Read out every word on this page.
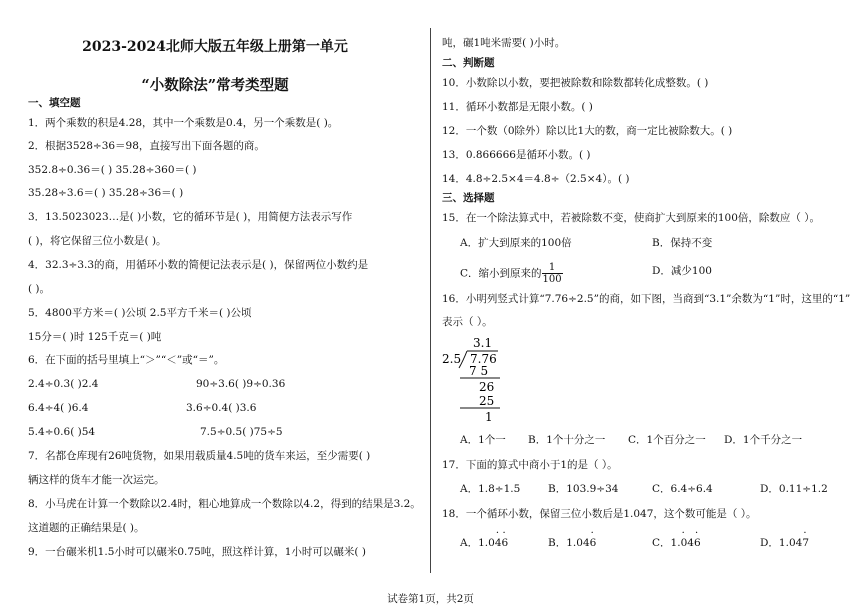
2023-2024北师大版五年级上册第一单元
“小数除法”常考类型题
一、填空题
1．两个乘数的积是4.28，其中一个乘数是0.4，另一个乘数是( )。
2．根据3528÷36＝98，直接写出下面各题的商。
352.8÷0.36＝( ) 35.28÷360＝( )
35.28÷3.6＝( ) 35.28÷36＝( )
3．13.5023023…是( )小数，它的循环节是( )，用简便方法表示写作
( )，将它保留三位小数是( )。
4．32.3÷3.3的商，用循环小数的简便记法表示是( )，保留两位小数约是
( )。
5．4800平方米＝( )公顷 2.5平方千米＝( )公顷
15分＝( )时 125千克＝( )吨
6．在下面的括号里填上“＞”“＜”或“＝”。
2.4÷0.3( )2.4	90÷3.6( )9÷0.36
6.4÷4( )6.4	3.6÷0.4( )3.6
5.4÷0.6( )54	7.5÷0.5( )75÷5
7．名都仓库现有26吨货物，如果用载质量4.5吨的货车来运，至少需要( )
辆这样的货车才能一次运完。
8．小马虎在计算一个数除以2.4时，粗心地算成一个数除以4.2，得到的结果是3.2。
这道题的正确结果是( )。
9．一台碾米机1.5小时可以碾米0.75吨，照这样计算，1小时可以碾米( )
吨，碾1吨米需要( )小时。
二、判断题
10．小数除以小数，要把被除数和除数都转化成整数。( )
11．循环小数都是无限小数。( )
12．一个数（0除外）除以比1大的数，商一定比被除数大。( )
13．0.866666是循环小数。( )
14．4.8÷2.5×4＝4.8÷（2.5×4）。( )
三、选择题
15．在一个除法算式中，若被除数不变，使商扩大到原来的100倍，除数应（ ）。
A．扩大到原来的100倍	B．保持不变
C．缩小到原来的 $\frac{1}{100}$	D．减少100
16．小明列竖式计算“7.76÷2.5”的商，如下图，当商到“3.1”余数为“1”时，这里的“1”
表示（ ）。
3.1
2.5 7.76
7 5
26
25
1
A．1个一 B．1个十分之一 C．1个百分之一 D．1个千分之一
17．下面的算式中商小于1的是（ ）。
A．1.8÷1.5	B．103.9÷34	C．6.4÷6.4	D．0.11÷1.2
18．一个循环小数，保留三位小数后是1.047，这个数可能是（ ）。
A．1.0· 4· 6	B．1.04· 6	C．1.· 04· 6	D．1.04· 7
试卷第1页，共2页
